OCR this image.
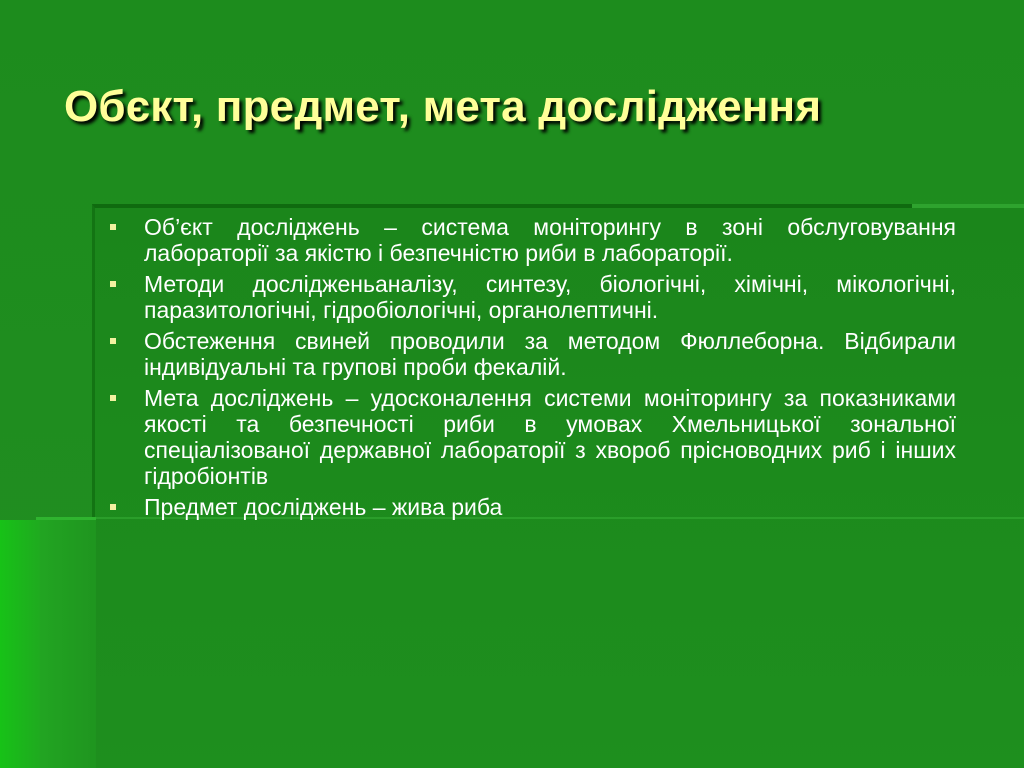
Обєкт, предмет, мета дослідження
Об’єкт досліджень – система моніторингу в зоні обслуговування лабораторії за якістю і безпечністю риби в лабораторії.
Методи дослідженьаналізу, синтезу, біологічні, хімічні, мікологічні, паразитологічні, гідробіологічні, органолептичні.
Обстеження свиней проводили за методом Фюллеборна. Відбирали індивідуальні та групові проби фекалій.
Мета досліджень – удосконалення системи моніторингу за показниками якості та безпечності риби в умовах Хмельницької зональної спеціалізованої державної лабораторії з хвороб прісноводних риб і інших гідробіонтів
Предмет досліджень – жива риба
